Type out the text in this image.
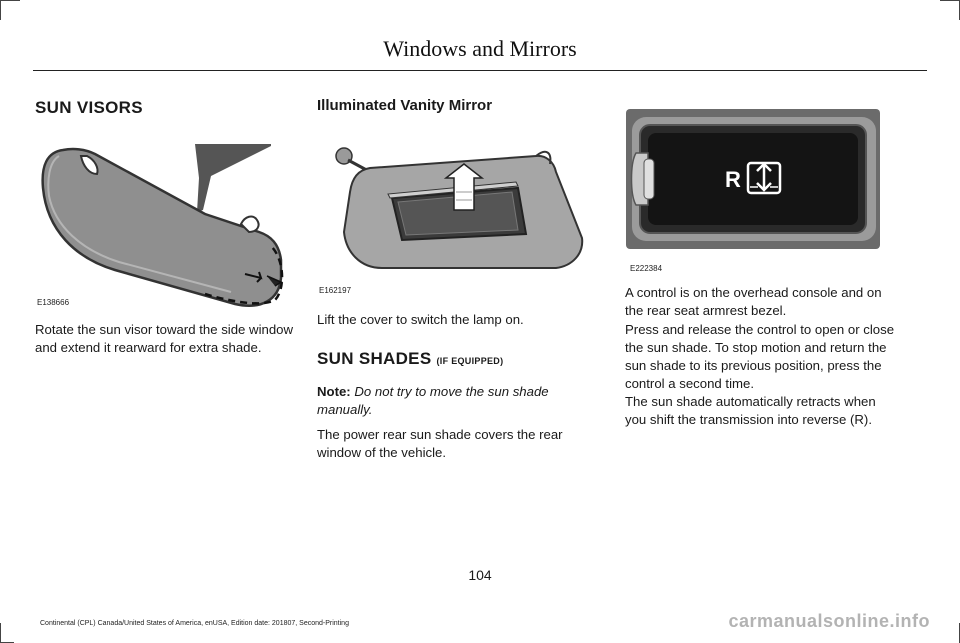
Windows and Mirrors
SUN VISORS
E138666

Rotate the sun visor toward the side window and extend it rearward for extra shade.

Illuminated Vanity Mirror
E162197

Lift the cover to switch the lamp on.

SUN SHADES (IF EQUIPPED)

Note: Do not try to move the sun shade manually.

The power rear sun shade covers the rear window of the vehicle.

R
E222384

A control is on the overhead console and on the rear seat armrest bezel.

Press and release the control to open or close the sun shade. To stop motion and return the sun shade to its previous position, press the control a second time.

The sun shade automatically retracts when you shift the transmission into reverse (R).

104
Continental (CPL) Canada/United States of America, enUSA, Edition date: 201807, Second-Printing	carmanualsonline.info
